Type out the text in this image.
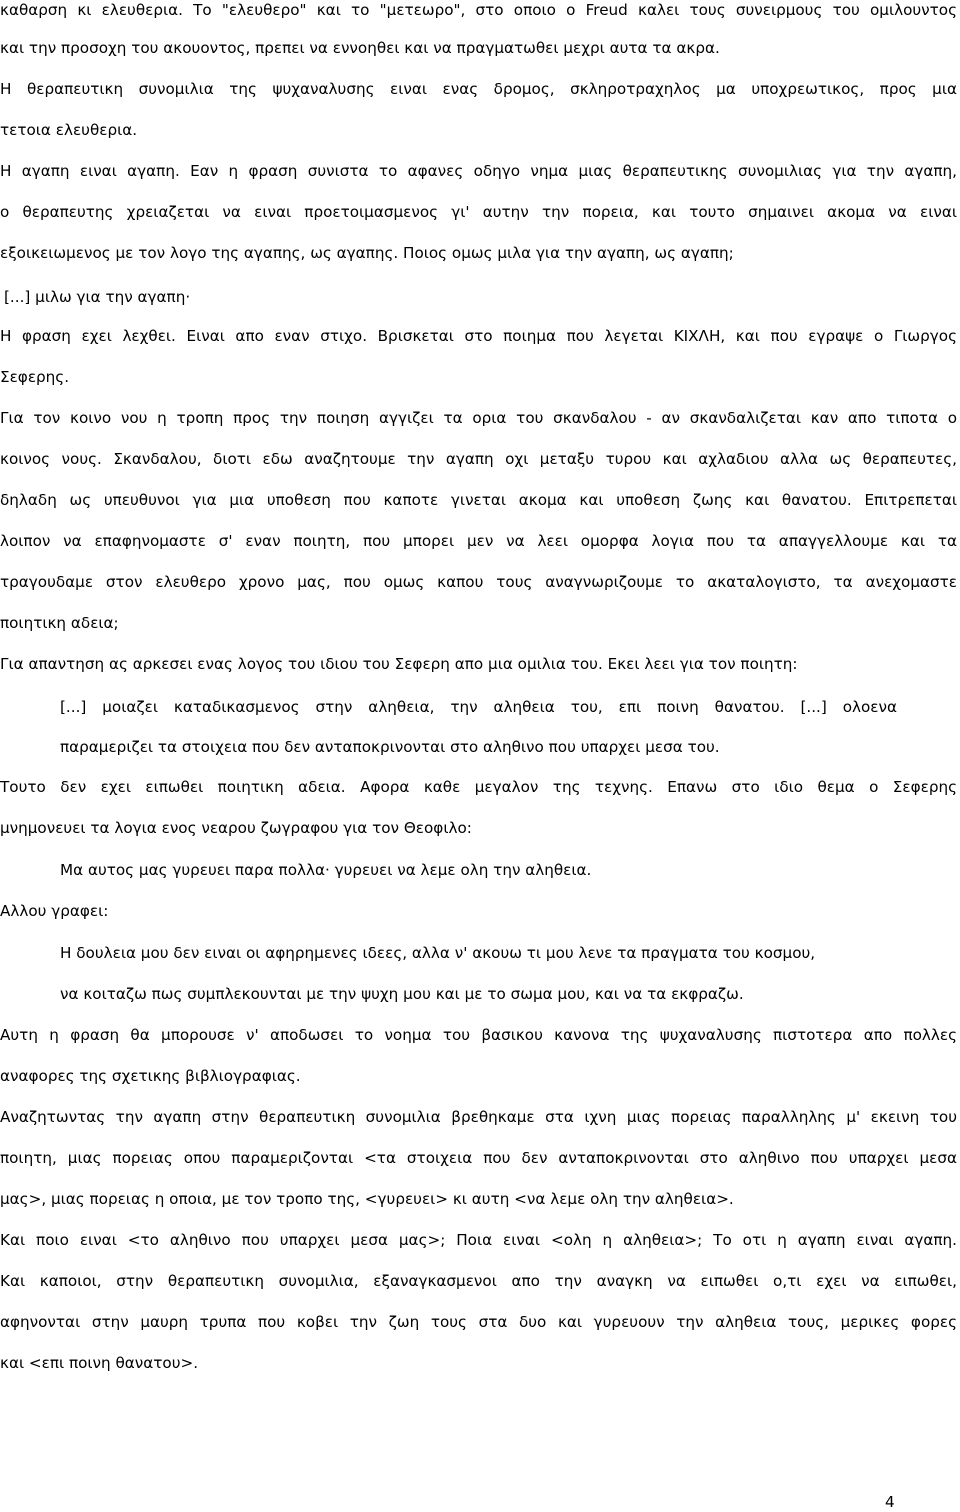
καθαρση κι ελευθερια. Το "ελευθερο" και το "μετεωρο", στο οποιο ο Freud καλει τους συνειρμους του ομιλουντος
και την προσοχη του ακουοντος, πρεπει να εννοηθει και να πραγματωθει μεχρι αυτα τα ακρα.
Η θεραπευτικη συνομιλια της ψυχαναλυσης ειναι ενας δρομος, σκληροτραχηλος μα υποχρεωτικος, προς μια
τετοια ελευθερια.
Η αγαπη ειναι αγαπη. Εαν η φραση συνιστα το αφανες οδηγο νημα μιας θεραπευτικης συνομιλιας για την αγαπη,
ο θεραπευτης χρειαζεται να ειναι προετοιμασμενος γι' αυτην την πορεια, και τουτο σημαινει ακομα να ειναι
εξοικειωμενος με τον λογο της αγαπης, ως αγαπης. Ποιος ομως μιλα για την αγαπη, ως αγαπη;
[...] μιλω για την αγαπη·
Η φραση εχει λεχθει. Ειναι απο εναν στιχο. Βρισκεται στο ποιημα που λεγεται ΚΙΧΛΗ, και που εγραψε ο Γιωργος
Σεφερης.
Για τον κοινο νου η τροπη προς την ποιηση αγγιζει τα ορια του σκανδαλου - αν σκανδαλιζεται καν απο τιποτα ο
κοινος νους. Σκανδαλου, διοτι εδω αναζητουμε την αγαπη οχι μεταξυ τυρου και αχλαδιου αλλα ως θεραπευτες,
δηλαδη ως υπευθυνοι για μια υποθεση που καποτε γινεται ακομα και υποθεση ζωης και θανατου. Επιτρεπεται
λοιπον να επαφηνομαστε σ' εναν ποιητη, που μπορει μεν να λεει ομορφα λογια που τα απαγγελλουμε και τα
τραγουδαμε στον ελευθερο χρονο μας, που ομως καπου τους αναγνωριζουμε το ακαταλογιστο, τα ανεχομαστε
ποιητικη αδεια;
Για απαντηση ας αρκεσει ενας λογος του ιδιου του Σεφερη απο μια ομιλια του. Εκει λεει για τον ποιητη:
[...] μοιαζει καταδικασμενος στην αληθεια, την αληθεια του, επι ποινη θανατου. [...] ολοενα
παραμεριζει τα στοιχεια που δεν ανταποκρινονται στο αληθινο που υπαρχει μεσα του.
Τουτο δεν εχει ειπωθει ποιητικη αδεια. Αφορα καθε μεγαλον της τεχνης. Επανω στο ιδιο θεμα ο Σεφερης
μνημονευει τα λογια ενος νεαρου ζωγραφου για τον Θεοφιλο:
Μα αυτος μας γυρευει παρα πολλα· γυρευει να λεμε ολη την αληθεια.
Αλλου γραφει:
Η δουλεια μου δεν ειναι οι αφηρημενες ιδεες, αλλα ν' ακουω τι μου λενε τα πραγματα του κοσμου,
να κοιταζω πως συμπλεκουνται με την ψυχη μου και με το σωμα μου, και να τα εκφραζω.
Αυτη η φραση θα μπορουσε ν' αποδωσει το νοημα του βασικου κανονα της ψυχαναλυσης πιστοτερα απο πολλες
αναφορες της σχετικης βιβλιογραφιας.
Αναζητωντας την αγαπη στην θεραπευτικη συνομιλια βρεθηκαμε στα ιχνη μιας πορειας παραλληλης μ' εκεινη του
ποιητη, μιας πορειας οπου παραμεριζονται <τα στοιχεια που δεν ανταποκρινονται στο αληθινο που υπαρχει μεσα
μας>, μιας πορειας η οποια, με τον τροπο της, <γυρευει> κι αυτη <να λεμε ολη την αληθεια>.
Και ποιο ειναι <το αληθινο που υπαρχει μεσα μας>; Ποια ειναι <ολη η αληθεια>; Το οτι η αγαπη ειναι αγαπη.
Και καποιοι, στην θεραπευτικη συνομιλια, εξαναγκασμενοι απο την αναγκη να ειπωθει ο,τι εχει να ειπωθει,
αφηνονται στην μαυρη τρυπα που κοβει την ζωη τους στα δυο και γυρευουν την αληθεια τους, μερικες φορες
και <επι ποινη θανατου>.
4
